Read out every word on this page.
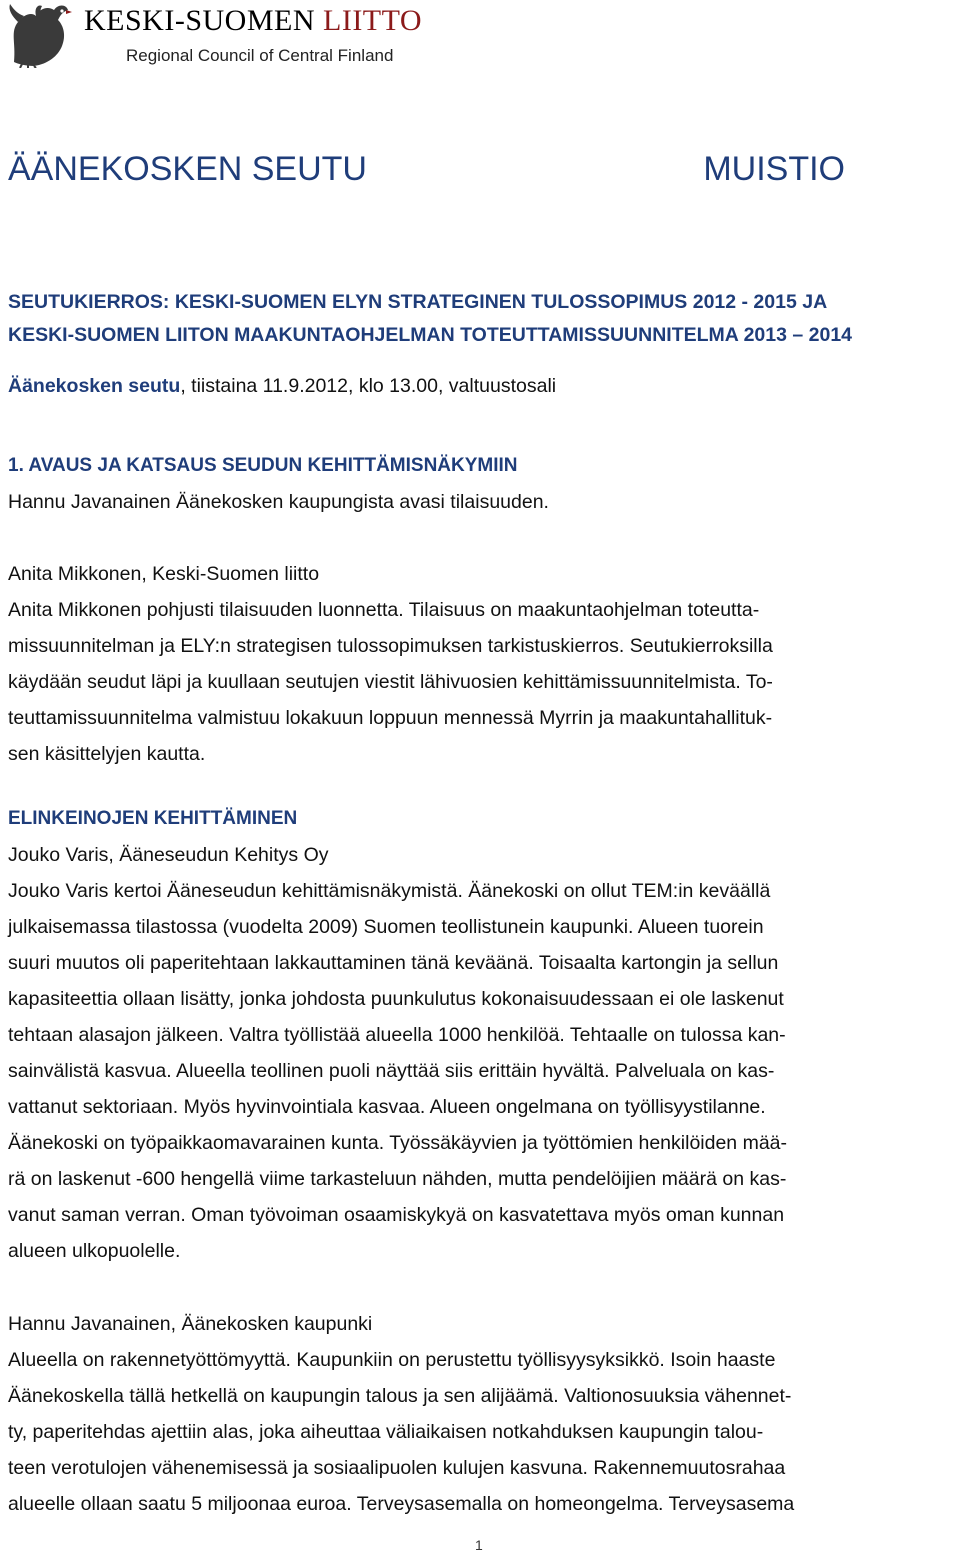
KESKI-SUOMEN LIITTO
Regional Council of Central Finland
ÄÄNEKOSKEN SEUTU	MUISTIO
SEUTUKIERROS: KESKI-SUOMEN ELYN STRATEGINEN TULOSSOPIMUS 2012 - 2015 JA
KESKI-SUOMEN LIITON MAAKUNTAOHJELMAN TOTEUTTAMISSUUNNITELMA 2013 – 2014
Äänekosken seutu, tiistaina 11.9.2012, klo 13.00, valtuustosali

1. AVAUS JA KATSAUS SEUDUN KEHITTÄMISNÄKYMIIN

Hannu Javanainen Äänekosken kaupungista avasi tilaisuuden.

Anita Mikkonen, Keski-Suomen liitto

Anita Mikkonen pohjusti tilaisuuden luonnetta. Tilaisuus on maakuntaohjelman toteutta-

missuunnitelman ja ELY:n strategisen tulossopimuksen tarkistuskierros. Seutukierroksilla

käydään seudut läpi ja kuullaan seutujen viestit lähivuosien kehittämissuunnitelmista. To-

teuttamissuunnitelma valmistuu lokakuun loppuun mennessä Myrrin ja maakuntahallituk-

sen käsittelyjen kautta.

ELINKEINOJEN KEHITTÄMINEN

Jouko Varis, Ääneseudun Kehitys Oy

Jouko Varis kertoi Ääneseudun kehittämisnäkymistä. Äänekoski on ollut TEM:in keväällä

julkaisemassa tilastossa (vuodelta 2009) Suomen teollistunein kaupunki. Alueen tuorein

suuri muutos oli paperitehtaan lakkauttaminen tänä keväänä. Toisaalta kartongin ja sellun

kapasiteettia ollaan lisätty, jonka johdosta puunkulutus kokonaisuudessaan ei ole laskenut

tehtaan alasajon jälkeen. Valtra työllistää alueella 1000 henkilöä. Tehtaalle on tulossa kan-

sainvälistä kasvua. Alueella teollinen puoli näyttää siis erittäin hyvältä. Palveluala on kas-

vattanut sektoriaan. Myös hyvinvointiala kasvaa. Alueen ongelmana on työllisyystilanne.

Äänekoski on työpaikkaomavarainen kunta. Työssäkäyvien ja työttömien henkilöiden mää-

rä on laskenut -600 hengellä viime tarkasteluun nähden, mutta pendelöijien määrä on kas-

vanut saman verran. Oman työvoiman osaamiskykyä on kasvatettava myös oman kunnan

alueen ulkopuolelle.

Hannu Javanainen, Äänekosken kaupunki

Alueella on rakennetyöttömyyttä. Kaupunkiin on perustettu työllisyysyksikkö. Isoin haaste

Äänekoskella tällä hetkellä on kaupungin talous ja sen alijäämä. Valtionosuuksia vähennet-

ty, paperitehdas ajettiin alas, joka aiheuttaa väliaikaisen notkahduksen kaupungin talou-

teen verotulojen vähenemisessä ja sosiaalipuolen kulujen kasvuna. Rakennemuutosrahaa

alueelle ollaan saatu 5 miljoonaa euroa. Terveysasemalla on homeongelma. Terveysasema

1
